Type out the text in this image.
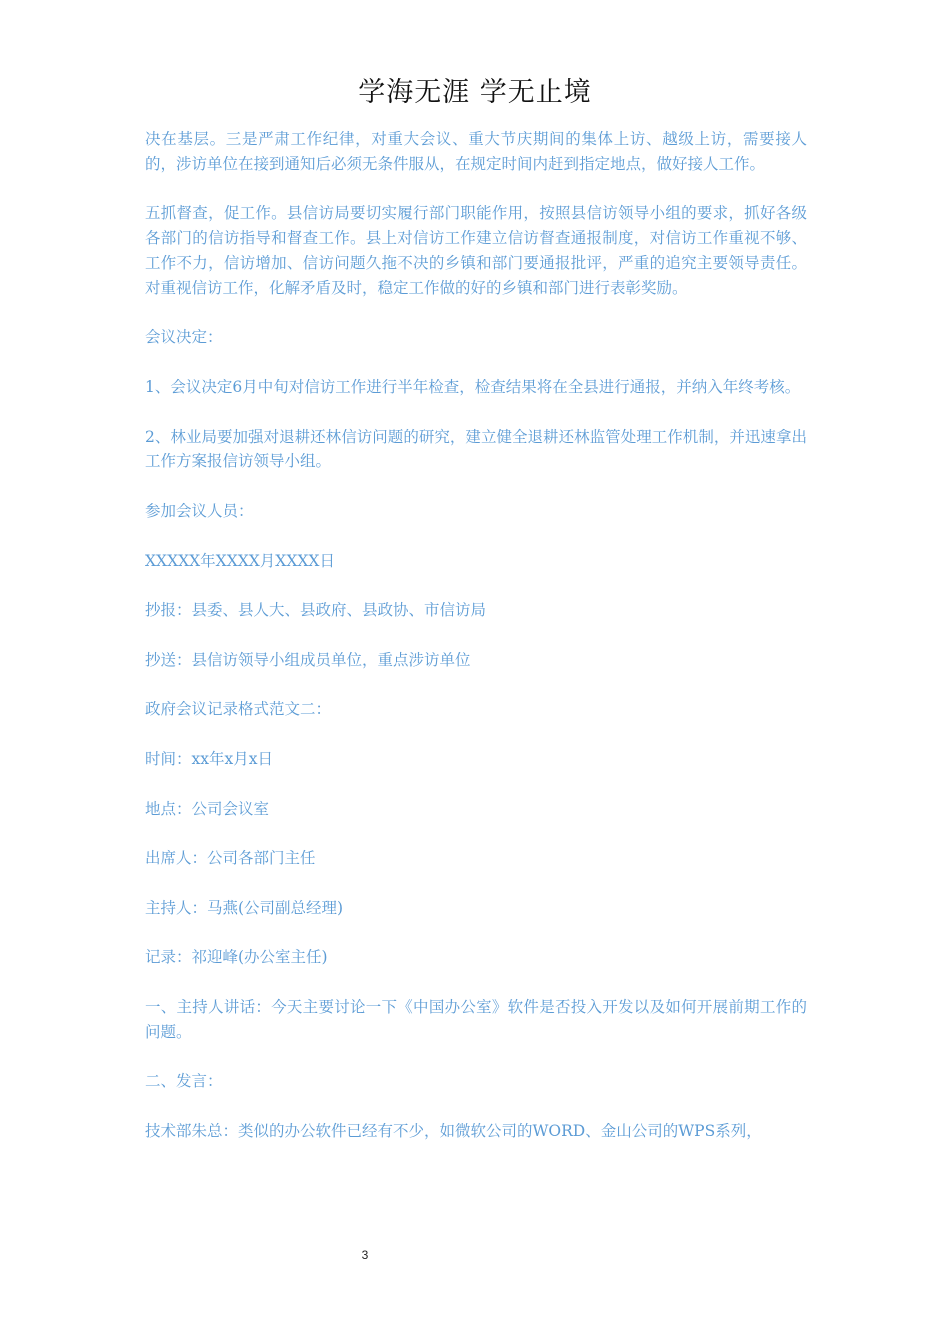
学海无涯 学无止境

决在基层。三是严肃工作纪律，对重大会议、重大节庆期间的集体上访、越级上访，需要接人的，涉访单位在接到通知后必须无条件服从，在规定时间内赶到指定地点，做好接人工作。

五抓督查，促工作。县信访局要切实履行部门职能作用，按照县信访领导小组的要求，抓好各级各部门的信访指导和督查工作。县上对信访工作建立信访督查通报制度，对信访工作重视不够、工作不力，信访增加、信访问题久拖不决的乡镇和部门要通报批评，严重的追究主要领导责任。对重视信访工作，化解矛盾及时，稳定工作做的好的乡镇和部门进行表彰奖励。

会议决定：

1、会议决定6月中旬对信访工作进行半年检查，检查结果将在全县进行通报，并纳入年终考核。

2、林业局要加强对退耕还林信访问题的研究，建立健全退耕还林监管处理工作机制，并迅速拿出工作方案报信访领导小组。

参加会议人员：

XXXXX年XXXX月XXXX日

抄报：县委、县人大、县政府、县政协、市信访局

抄送：县信访领导小组成员单位，重点涉访单位

政府会议记录格式范文二：

时间：xx年x月x日

地点：公司会议室

出席人：公司各部门主任

主持人：马燕(公司副总经理)

记录：祁迎峰(办公室主任)

一、主持人讲话：今天主要讨论一下《中国办公室》软件是否投入开发以及如何开展前期工作的问题。

二、发言：

技术部朱总：类似的办公软件已经有不少，如微软公司的WORD、金山公司的WPS系列，

3
